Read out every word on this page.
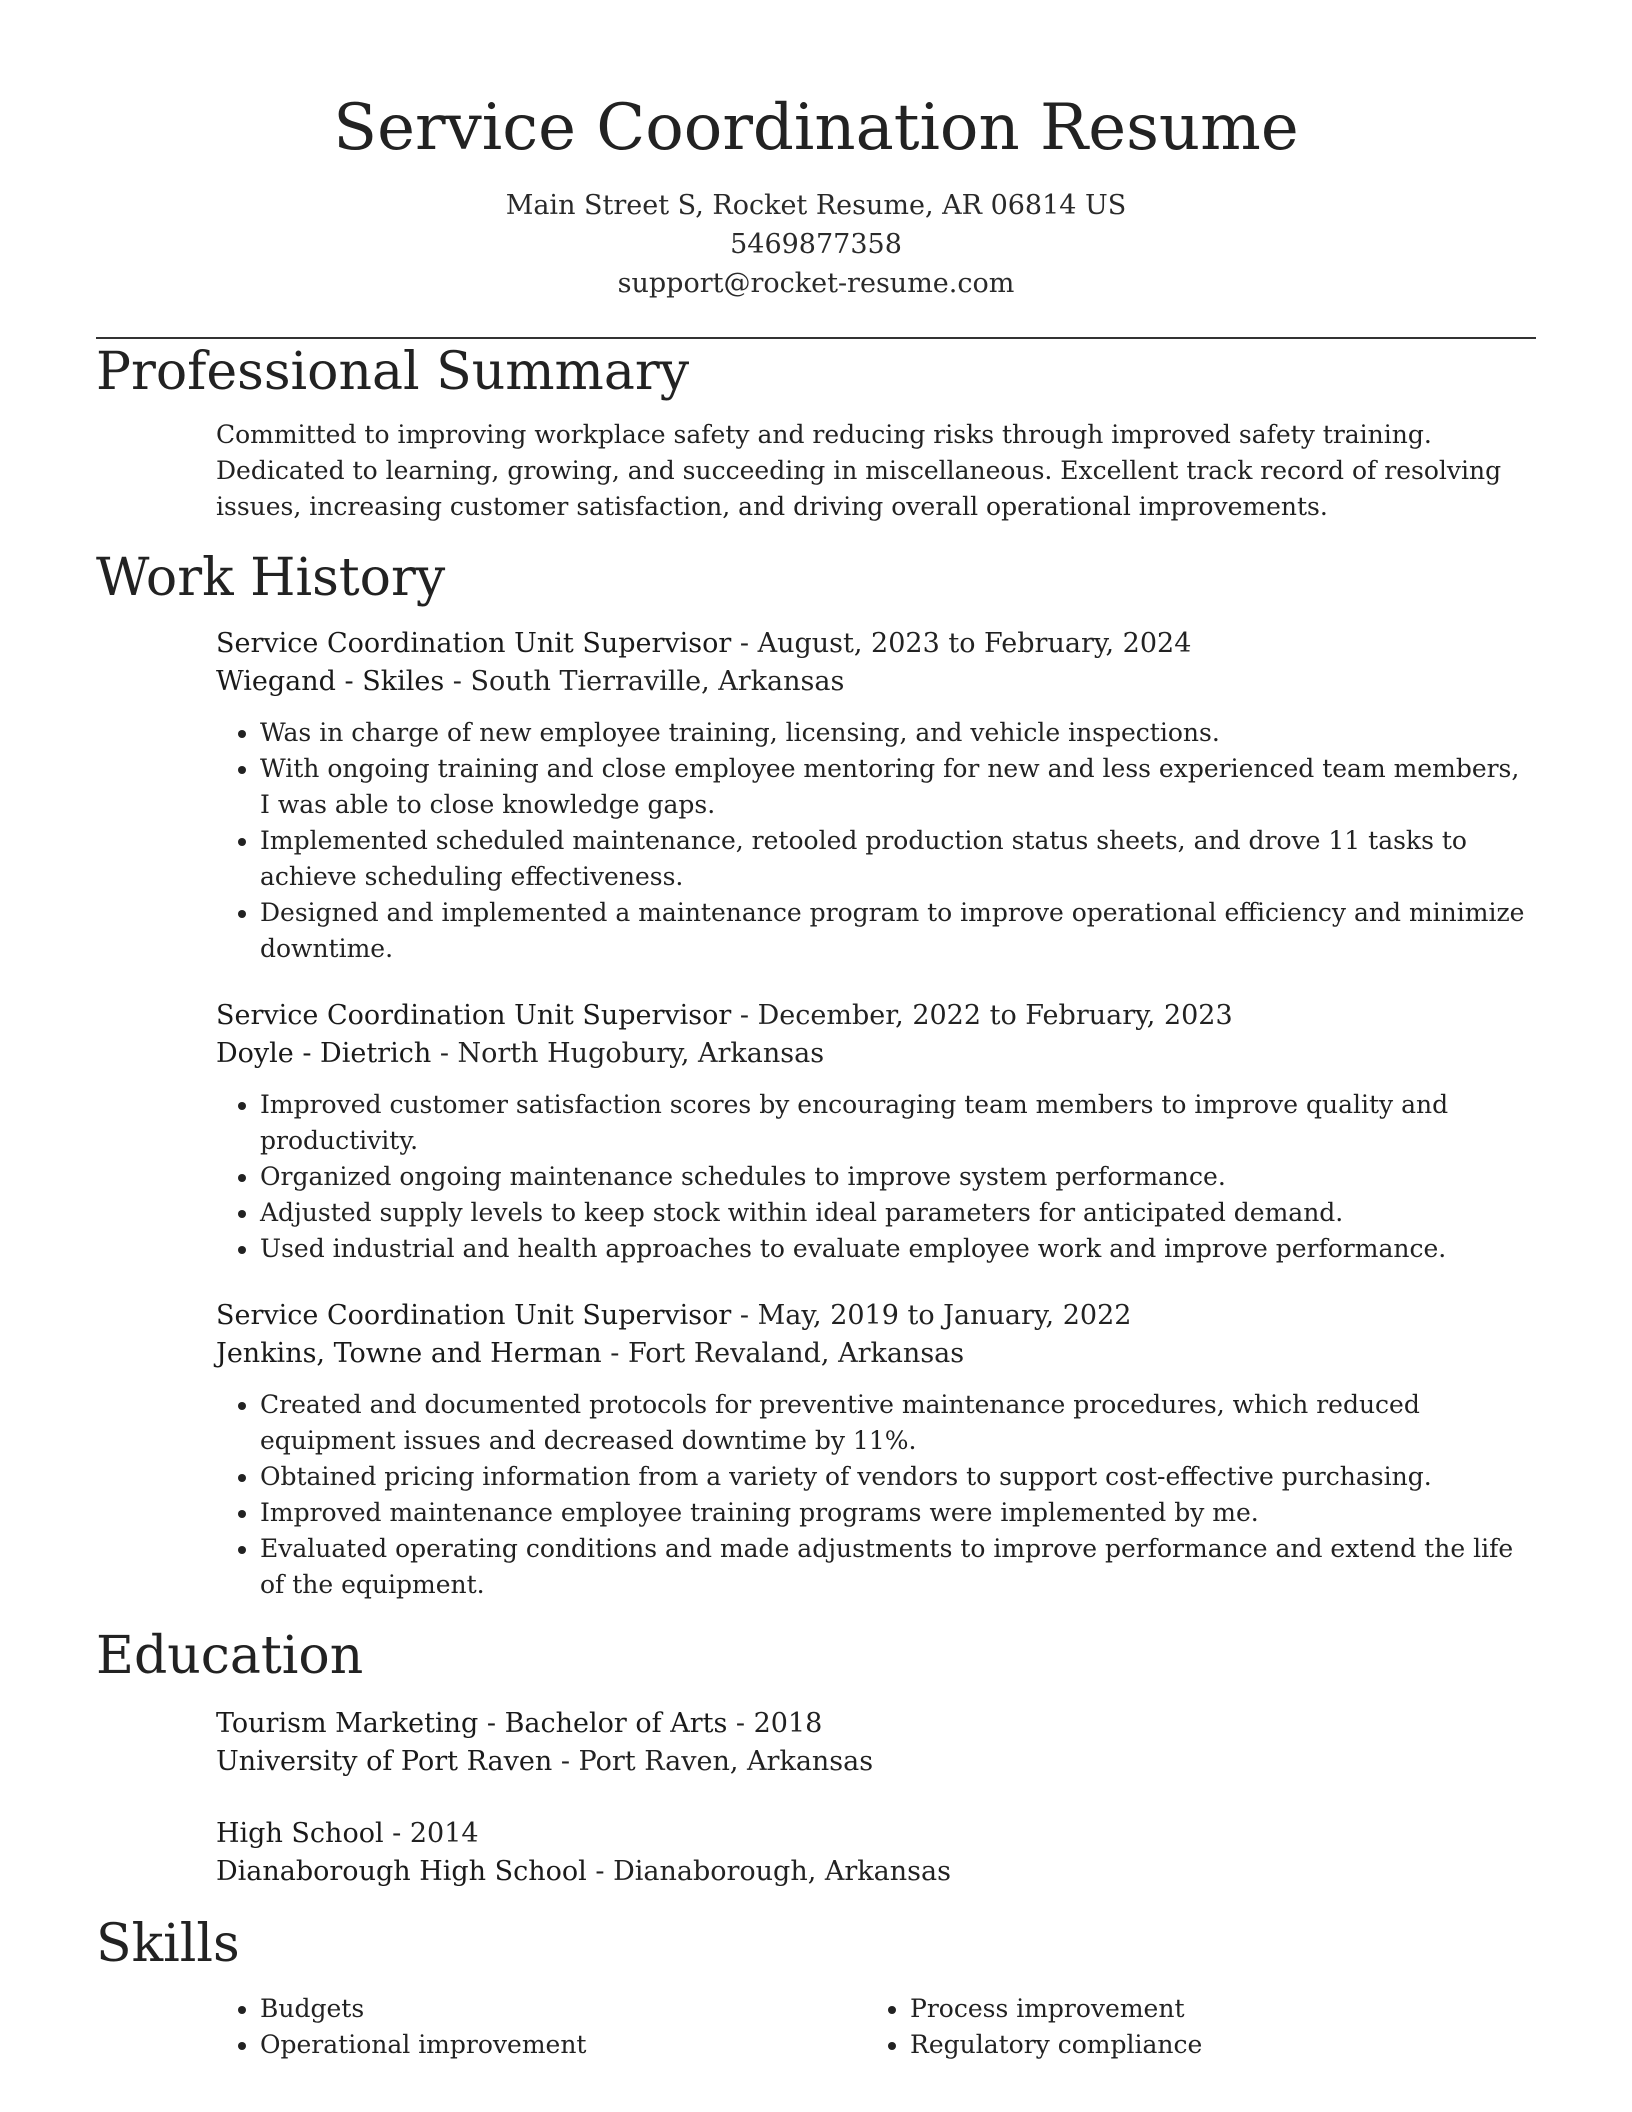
Service Coordination Resume
Main Street S, Rocket Resume, AR 06814 US
5469877358
support@rocket-resume.com
Professional Summary

Committed to improving workplace safety and reducing risks through improved safety training. Dedicated to learning, growing, and succeeding in miscellaneous. Excellent track record of resolving issues, increasing customer satisfaction, and driving overall operational improvements.

Work History
Service Coordination Unit Supervisor - August, 2023 to February, 2024
Wiegand - Skiles - South Tierraville, Arkansas
• Was in charge of new employee training, licensing, and vehicle inspections.
• With ongoing training and close employee mentoring for new and less experienced team members, I was able to close knowledge gaps.
• Implemented scheduled maintenance, retooled production status sheets, and drove 11 tasks to achieve scheduling effectiveness.
• Designed and implemented a maintenance program to improve operational efficiency and minimize downtime.
Service Coordination Unit Supervisor - December, 2022 to February, 2023
Doyle - Dietrich - North Hugobury, Arkansas
• Improved customer satisfaction scores by encouraging team members to improve quality and productivity.
• Organized ongoing maintenance schedules to improve system performance.
• Adjusted supply levels to keep stock within ideal parameters for anticipated demand.
• Used industrial and health approaches to evaluate employee work and improve performance.
Service Coordination Unit Supervisor - May, 2019 to January, 2022
Jenkins, Towne and Herman - Fort Revaland, Arkansas
• Created and documented protocols for preventive maintenance procedures, which reduced equipment issues and decreased downtime by 11%.
• Obtained pricing information from a variety of vendors to support cost-effective purchasing.
• Improved maintenance employee training programs were implemented by me.
• Evaluated operating conditions and made adjustments to improve performance and extend the life of the equipment.
Education
Tourism Marketing - Bachelor of Arts - 2018
University of Port Raven - Port Raven, Arkansas
High School - 2014
Dianaborough High School - Dianaborough, Arkansas
Skills
• Budgets
• Operational improvement
• Process improvement
• Regulatory compliance
